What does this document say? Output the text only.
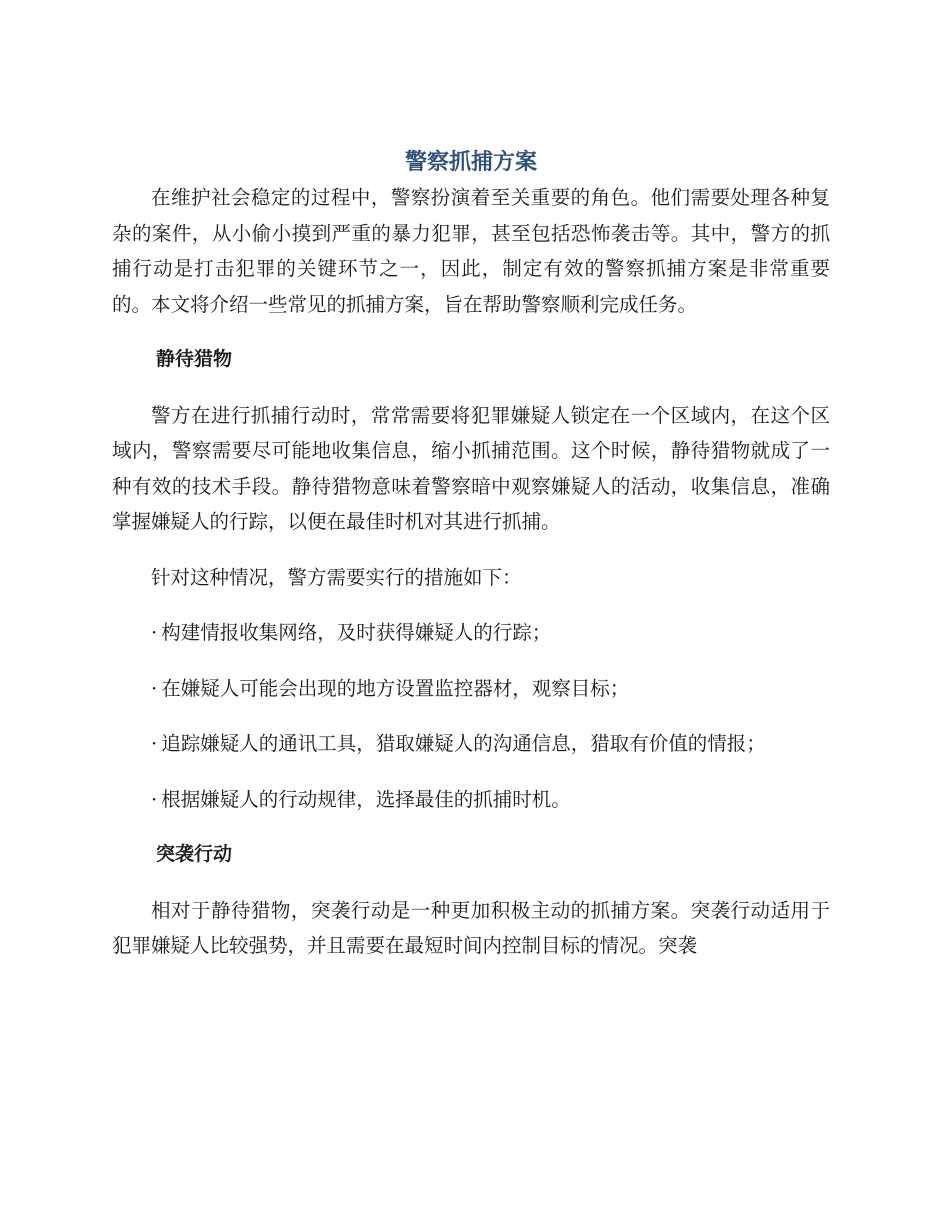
警察抓捕方案

在维护社会稳定的过程中，警察扮演着至关重要的角色。他们需要处理各种复杂的案件，从小偷小摸到严重的暴力犯罪，甚至包括恐怖袭击等。其中，警方的抓捕行动是打击犯罪的关键环节之一，因此，制定有效的警察抓捕方案是非常重要的。本文将介绍一些常见的抓捕方案，旨在帮助警察顺利完成任务。

静待猎物

警方在进行抓捕行动时，常常需要将犯罪嫌疑人锁定在一个区域内，在这个区域内，警察需要尽可能地收集信息，缩小抓捕范围。这个时候，静待猎物就成了一种有效的技术手段。静待猎物意味着警察暗中观察嫌疑人的活动，收集信息，准确掌握嫌疑人的行踪，以便在最佳时机对其进行抓捕。

针对这种情况，警方需要实行的措施如下：

· 构建情报收集网络，及时获得嫌疑人的行踪；

· 在嫌疑人可能会出现的地方设置监控器材，观察目标；

· 追踪嫌疑人的通讯工具，猎取嫌疑人的沟通信息，猎取有价值的情报；

· 根据嫌疑人的行动规律，选择最佳的抓捕时机。

突袭行动

相对于静待猎物，突袭行动是一种更加积极主动的抓捕方案。突袭行动适用于犯罪嫌疑人比较强势，并且需要在最短时间内控制目标的情况。突袭
